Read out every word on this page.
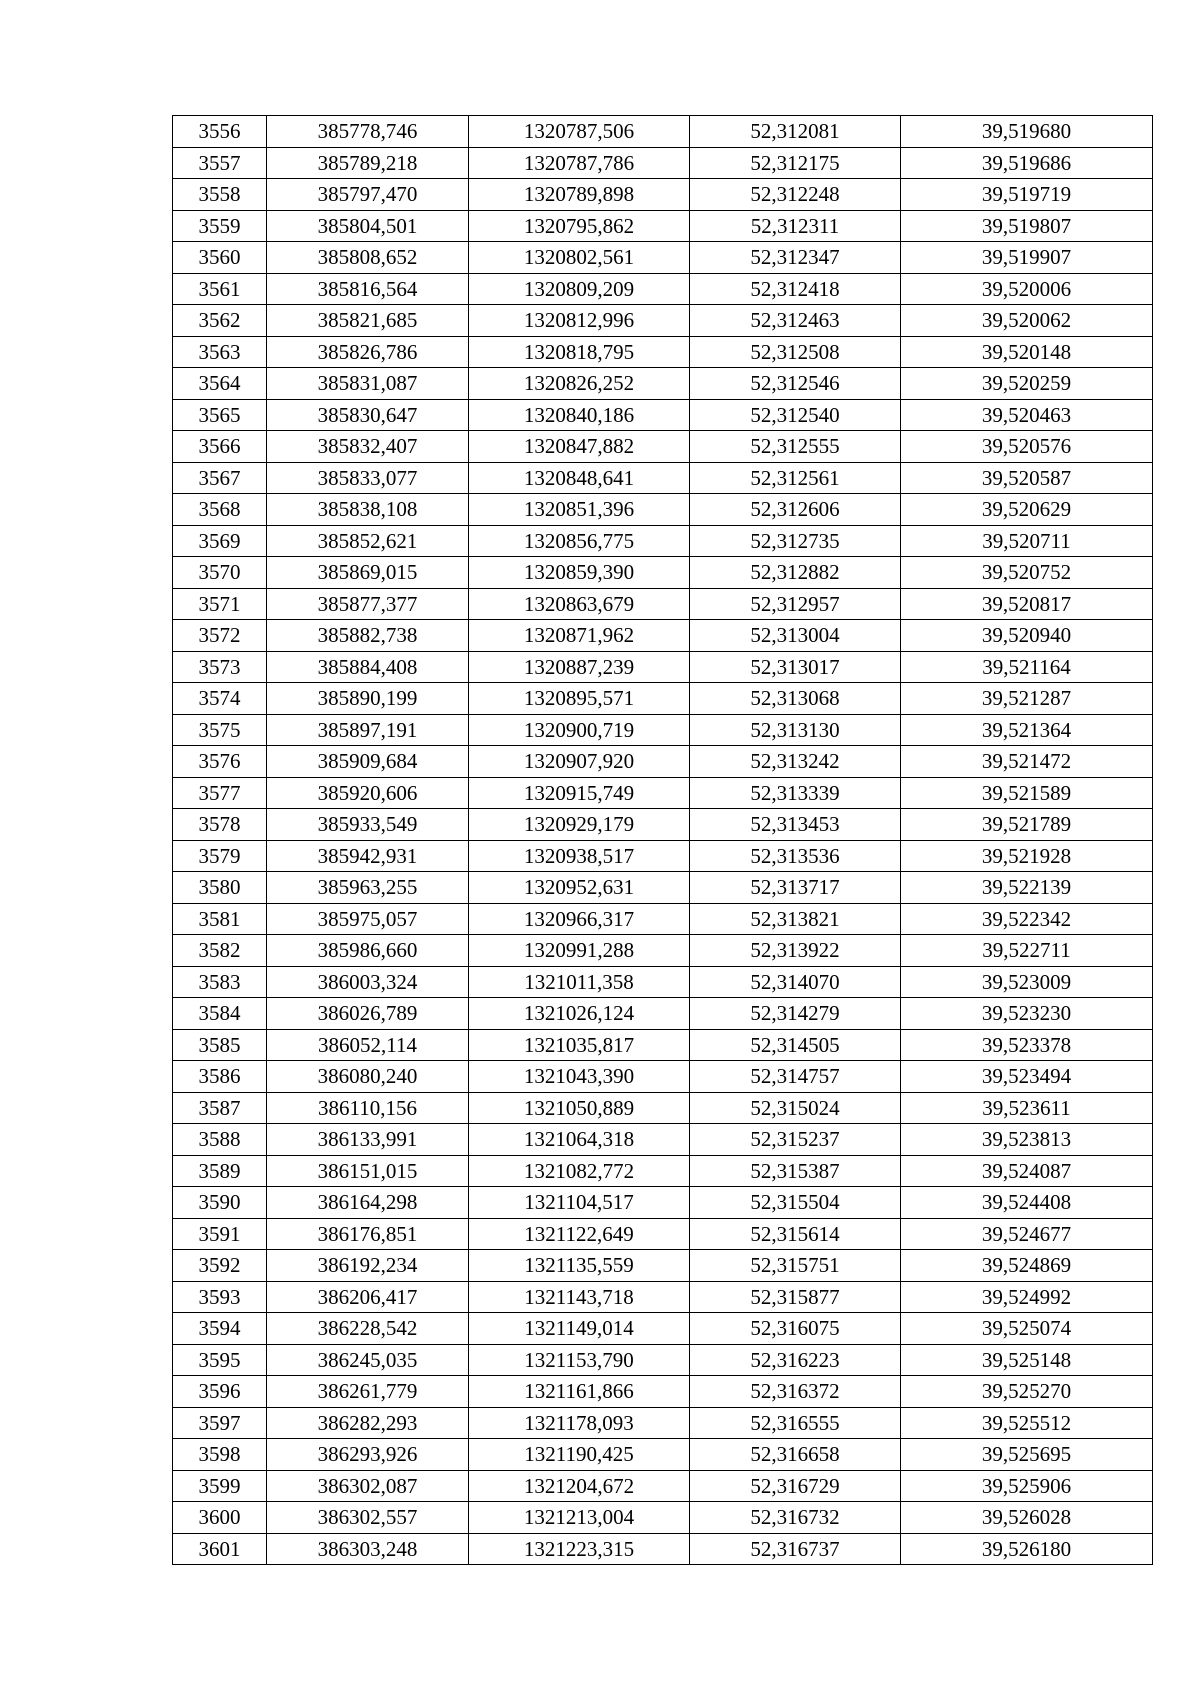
3556	385778,746	1320787,506	52,312081	39,519680
3557	385789,218	1320787,786	52,312175	39,519686
3558	385797,470	1320789,898	52,312248	39,519719
3559	385804,501	1320795,862	52,312311	39,519807
3560	385808,652	1320802,561	52,312347	39,519907
3561	385816,564	1320809,209	52,312418	39,520006
3562	385821,685	1320812,996	52,312463	39,520062
3563	385826,786	1320818,795	52,312508	39,520148
3564	385831,087	1320826,252	52,312546	39,520259
3565	385830,647	1320840,186	52,312540	39,520463
3566	385832,407	1320847,882	52,312555	39,520576
3567	385833,077	1320848,641	52,312561	39,520587
3568	385838,108	1320851,396	52,312606	39,520629
3569	385852,621	1320856,775	52,312735	39,520711
3570	385869,015	1320859,390	52,312882	39,520752
3571	385877,377	1320863,679	52,312957	39,520817
3572	385882,738	1320871,962	52,313004	39,520940
3573	385884,408	1320887,239	52,313017	39,521164
3574	385890,199	1320895,571	52,313068	39,521287
3575	385897,191	1320900,719	52,313130	39,521364
3576	385909,684	1320907,920	52,313242	39,521472
3577	385920,606	1320915,749	52,313339	39,521589
3578	385933,549	1320929,179	52,313453	39,521789
3579	385942,931	1320938,517	52,313536	39,521928
3580	385963,255	1320952,631	52,313717	39,522139
3581	385975,057	1320966,317	52,313821	39,522342
3582	385986,660	1320991,288	52,313922	39,522711
3583	386003,324	1321011,358	52,314070	39,523009
3584	386026,789	1321026,124	52,314279	39,523230
3585	386052,114	1321035,817	52,314505	39,523378
3586	386080,240	1321043,390	52,314757	39,523494
3587	386110,156	1321050,889	52,315024	39,523611
3588	386133,991	1321064,318	52,315237	39,523813
3589	386151,015	1321082,772	52,315387	39,524087
3590	386164,298	1321104,517	52,315504	39,524408
3591	386176,851	1321122,649	52,315614	39,524677
3592	386192,234	1321135,559	52,315751	39,524869
3593	386206,417	1321143,718	52,315877	39,524992
3594	386228,542	1321149,014	52,316075	39,525074
3595	386245,035	1321153,790	52,316223	39,525148
3596	386261,779	1321161,866	52,316372	39,525270
3597	386282,293	1321178,093	52,316555	39,525512
3598	386293,926	1321190,425	52,316658	39,525695
3599	386302,087	1321204,672	52,316729	39,525906
3600	386302,557	1321213,004	52,316732	39,526028
3601	386303,248	1321223,315	52,316737	39,526180
